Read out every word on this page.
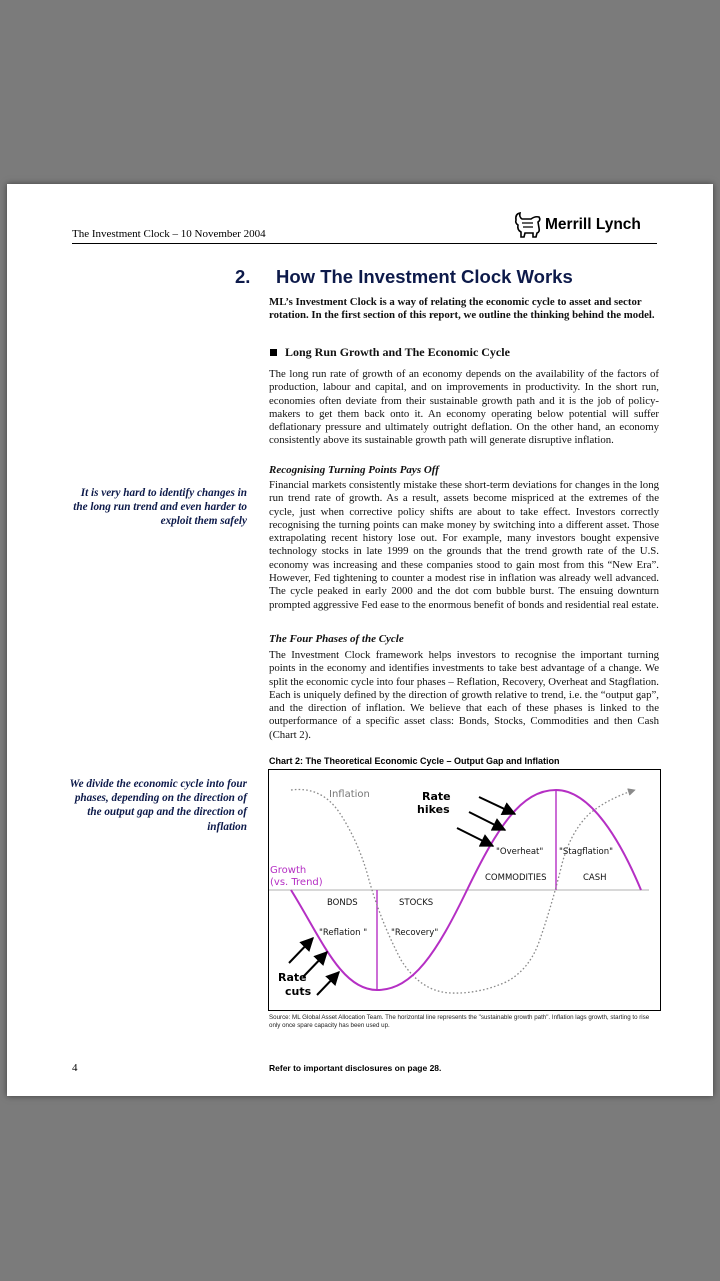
The Investment Clock – 10 November 2004
Merrill Lynch
2. How The Investment Clock Works
ML’s Investment Clock is a way of relating the economic cycle to asset and sector rotation. In the first section of this report, we outline the thinking behind the model.
Long Run Growth and The Economic Cycle
The long run rate of growth of an economy depends on the availability of the factors of production, labour and capital, and on improvements in productivity. In the short run, economies often deviate from their sustainable growth path and it is the job of policy-makers to get them back onto it. An economy operating below potential will suffer deflationary pressure and ultimately outright deflation. On the other hand, an economy consistently above its sustainable growth path will generate disruptive inflation.
Recognising Turning Points Pays Off
Financial markets consistently mistake these short-term deviations for changes in the long run trend rate of growth. As a result, assets become mispriced at the extremes of the cycle, just when corrective policy shifts are about to take effect. Investors correctly recognising the turning points can make money by switching into a different asset. Those extrapolating recent history lose out. For example, many investors bought expensive technology stocks in late 1999 on the grounds that the trend growth rate of the U.S. economy was increasing and these companies stood to gain most from this “New Era”. However, Fed tightening to counter a modest rise in inflation was already well advanced. The cycle peaked in early 2000 and the dot com bubble burst. The ensuing downturn prompted aggressive Fed ease to the enormous benefit of bonds and residential real estate.
The Four Phases of the Cycle
The Investment Clock framework helps investors to recognise the important turning points in the economy and identifies investments to take best advantage of a change. We split the economic cycle into four phases – Reflation, Recovery, Overheat and Stagflation. Each is uniquely defined by the direction of growth relative to trend, i.e. the “output gap”, and the direction of inflation. We believe that each of these phases is linked to the outperformance of a specific asset class: Bonds, Stocks, Commodities and then Cash (Chart 2).
It is very hard to identify changes in the long run trend and even harder to exploit them safely
We divide the economic cycle into four phases, depending on the direction of the output gap and the direction of inflation
Chart 2: The Theoretical Economic Cycle – Output Gap and Inflation
Inflation	Rate
hikes
Growth
(vs. Trend)
"Overheat" "Stagflation"
COMMODITIES	CASH
BONDS	STOCKS
"Reflation "	"Recovery"
Rate
cuts
Source: ML Global Asset Allocation Team. The horizontal line represents the "sustainable growth path". Inflation lags growth, starting to rise only once spare capacity has been used up.
4	Refer to important disclosures on page 28.
